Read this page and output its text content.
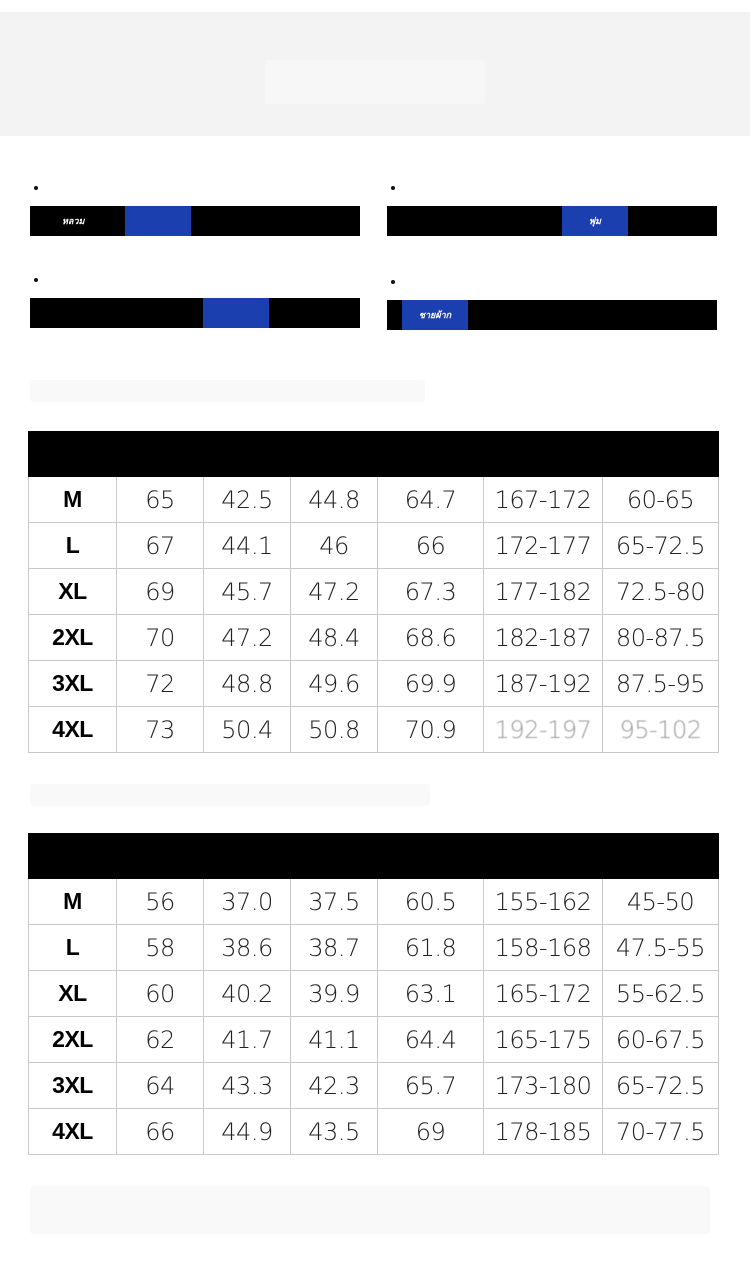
หลวม	พุ่ม
ชายผ้าก

M	65	42.5	44.8	64.7	167-172	60-65
L	67	44.1	46	66	172-177	65-72.5
XL	69	45.7	47.2	67.3	177-182	72.5-80
2XL	70	47.2	48.4	68.6	182-187	80-87.5
3XL	72	48.8	49.6	69.9	187-192	87.5-95
4XL	73	50.4	50.8	70.9	192-197	95-102

M	56	37.0	37.5	60.5	155-162	45-50
L	58	38.6	38.7	61.8	158-168	47.5-55
XL	60	40.2	39.9	63.1	165-172	55-62.5
2XL	62	41.7	41.1	64.4	165-175	60-67.5
3XL	64	43.3	42.3	65.7	173-180	65-72.5
4XL	66	44.9	43.5	69	178-185	70-77.5
